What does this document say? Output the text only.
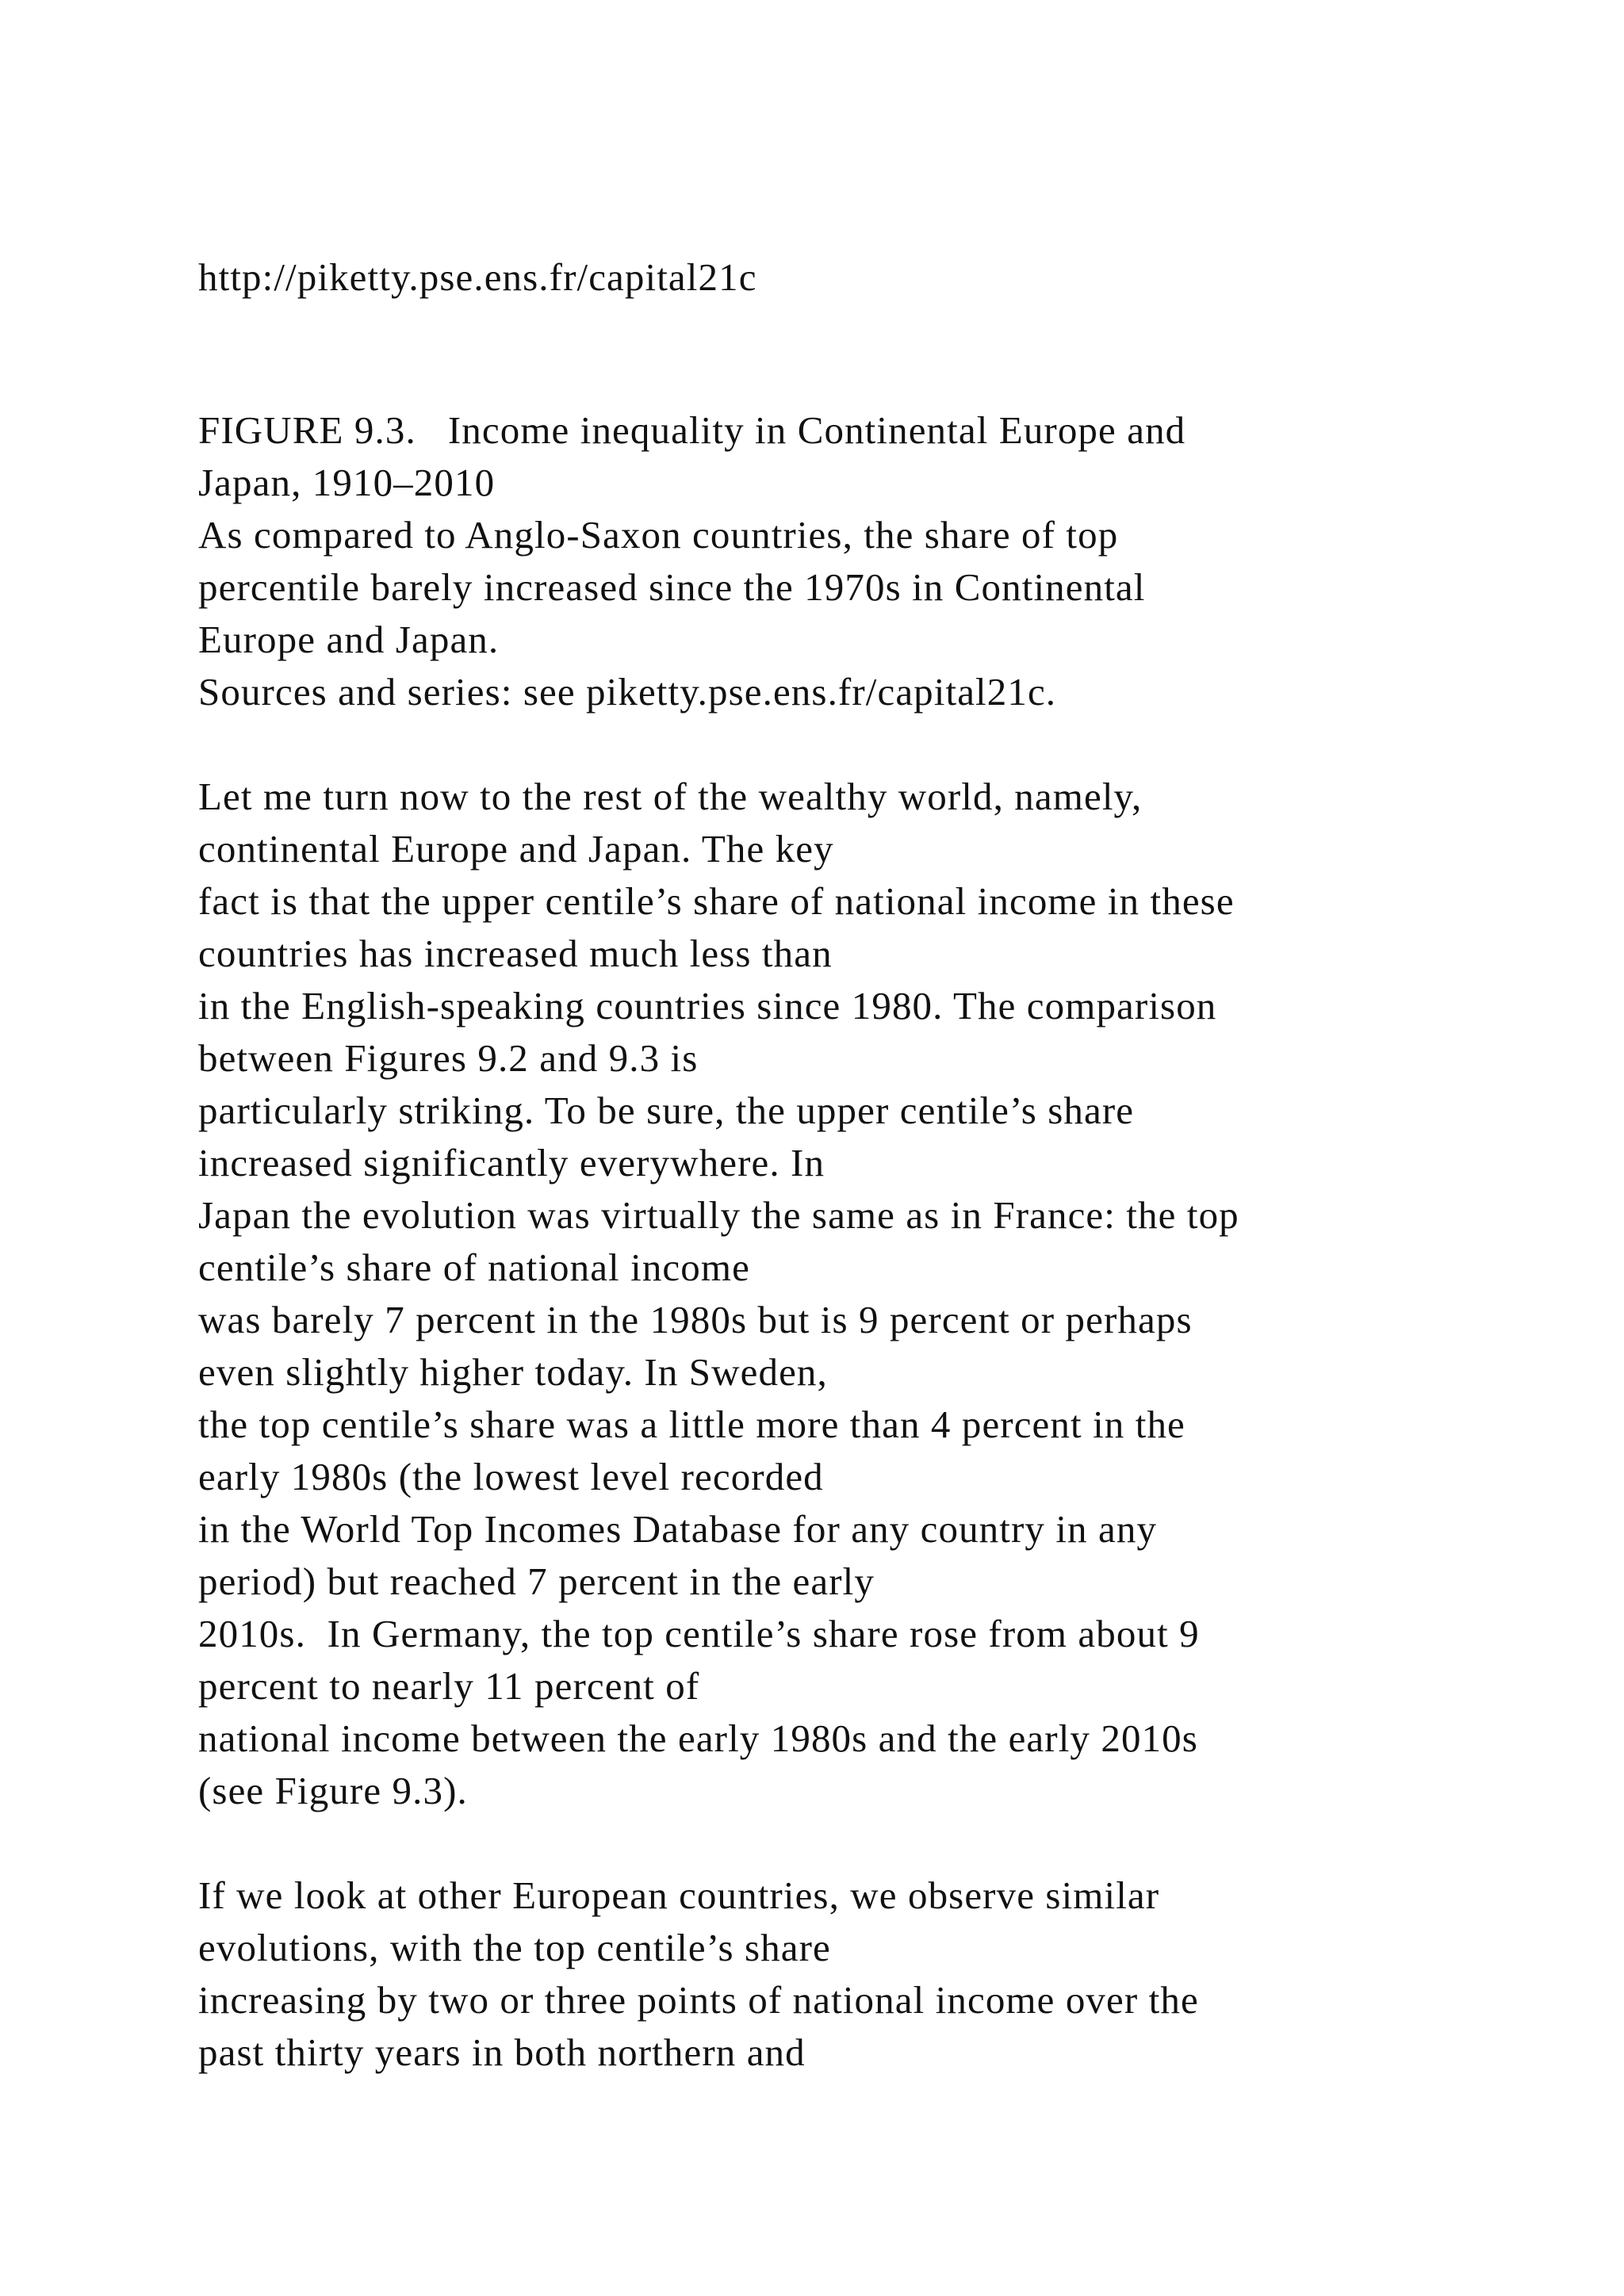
http://piketty.pse.ens.fr/capital21c

FIGURE 9.3.   Income inequality in Continental Europe and

Japan, 1910–2010

As compared to Anglo-Saxon countries, the share of top

percentile barely increased since the 1970s in Continental

Europe and Japan.

Sources and series: see piketty.pse.ens.fr/capital21c.

Let me turn now to the rest of the wealthy world, namely,

continental Europe and Japan. The key

fact is that the upper centile’s share of national income in these

countries has increased much less than

in the English-speaking countries since 1980. The comparison

between Figures 9.2 and 9.3 is

particularly striking. To be sure, the upper centile’s share

increased significantly everywhere. In

Japan the evolution was virtually the same as in France: the top

centile’s share of national income

was barely 7 percent in the 1980s but is 9 percent or perhaps

even slightly higher today. In Sweden,

the top centile’s share was a little more than 4 percent in the

early 1980s (the lowest level recorded

in the World Top Incomes Database for any country in any

period) but reached 7 percent in the early

2010s.  In Germany, the top centile’s share rose from about 9

percent to nearly 11 percent of

national income between the early 1980s and the early 2010s

(see Figure 9.3).

If we look at other European countries, we observe similar

evolutions, with the top centile’s share

increasing by two or three points of national income over the

past thirty years in both northern and
